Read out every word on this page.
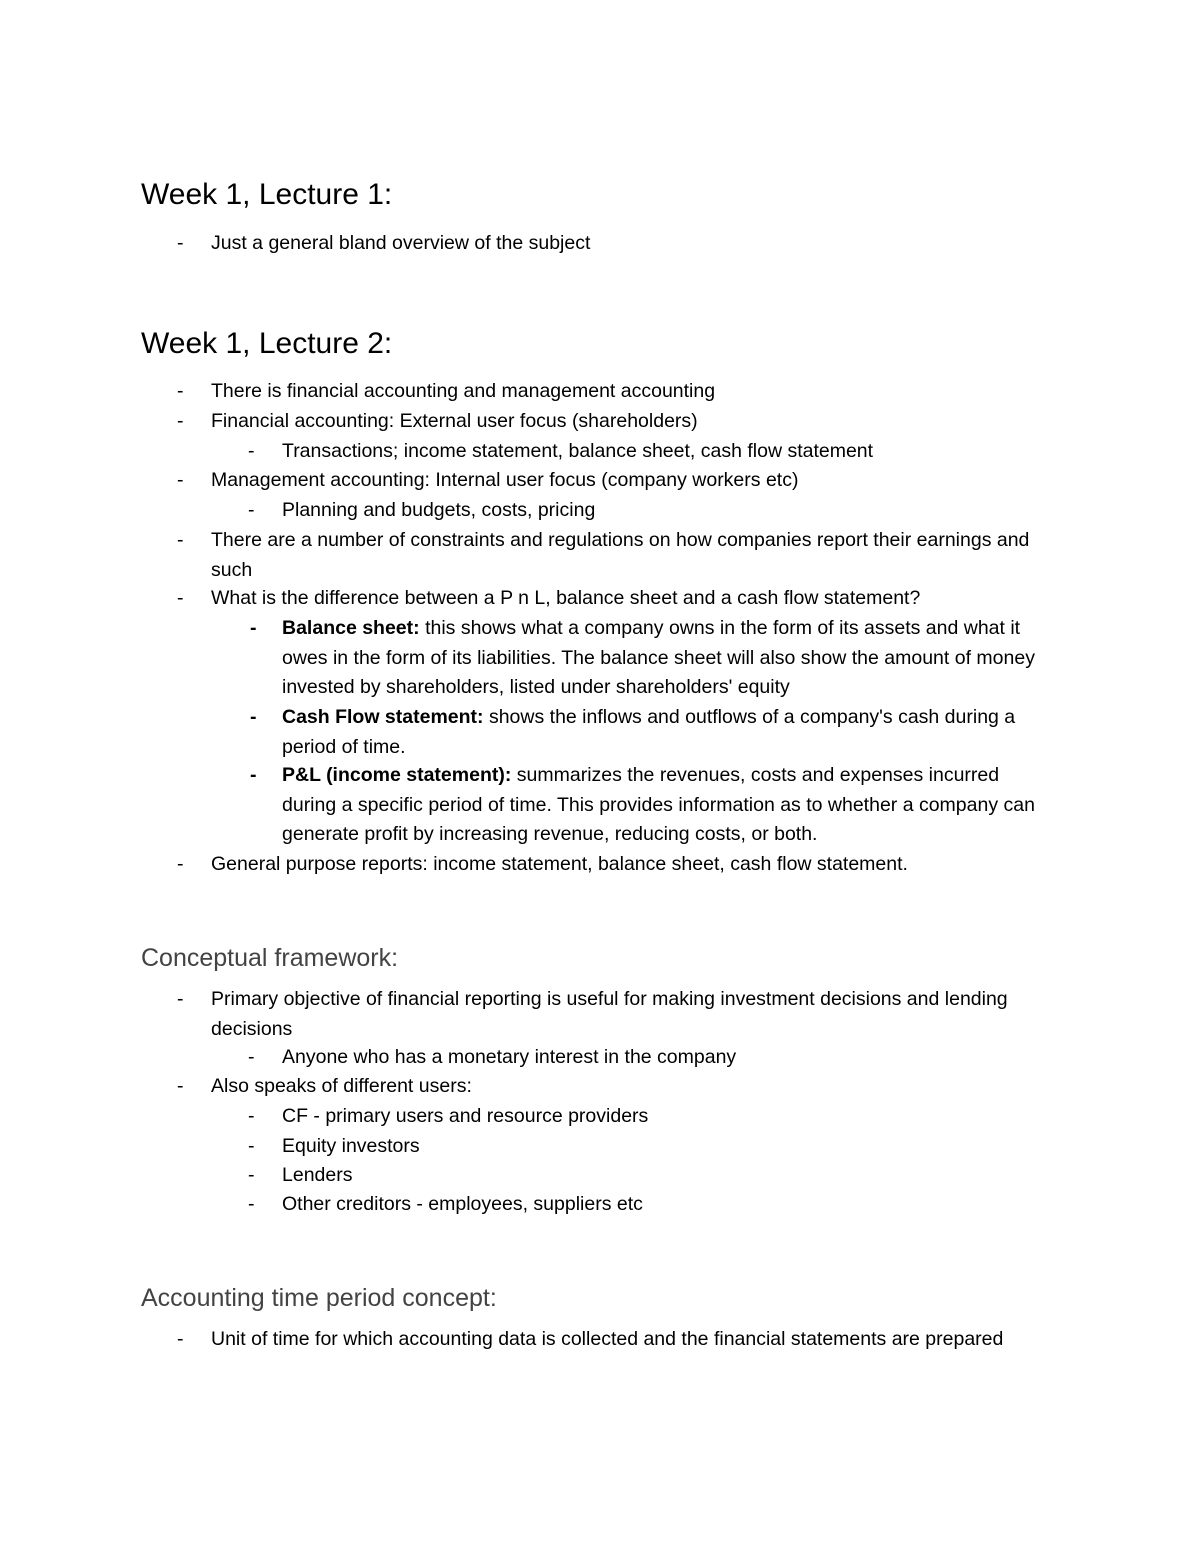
Week 1, Lecture 1:
- Just a general bland overview of the subject
Week 1, Lecture 2:
- There is financial accounting and management accounting
- Financial accounting: External user focus (shareholders)
- Transactions; income statement, balance sheet, cash flow statement
- Management accounting: Internal user focus (company workers etc)
- Planning and budgets, costs, pricing
- There are a number of constraints and regulations on how companies report their earnings and such
- What is the difference between a P n L, balance sheet and a cash flow statement?
- Balance sheet: this shows what a company owns in the form of its assets and what it owes in the form of its liabilities. The balance sheet will also show the amount of money invested by shareholders, listed under shareholders' equity
- Cash Flow statement: shows the inflows and outflows of a company's cash during a period of time.
- P&L (income statement): summarizes the revenues, costs and expenses incurred during a specific period of time. This provides information as to whether a company can generate profit by increasing revenue, reducing costs, or both.
- General purpose reports: income statement, balance sheet, cash flow statement.
Conceptual framework:
- Primary objective of financial reporting is useful for making investment decisions and lending decisions
- Anyone who has a monetary interest in the company
- Also speaks of different users:
- CF - primary users and resource providers
- Equity investors
- Lenders
- Other creditors - employees, suppliers etc
Accounting time period concept:
- Unit of time for which accounting data is collected and the financial statements are prepared
